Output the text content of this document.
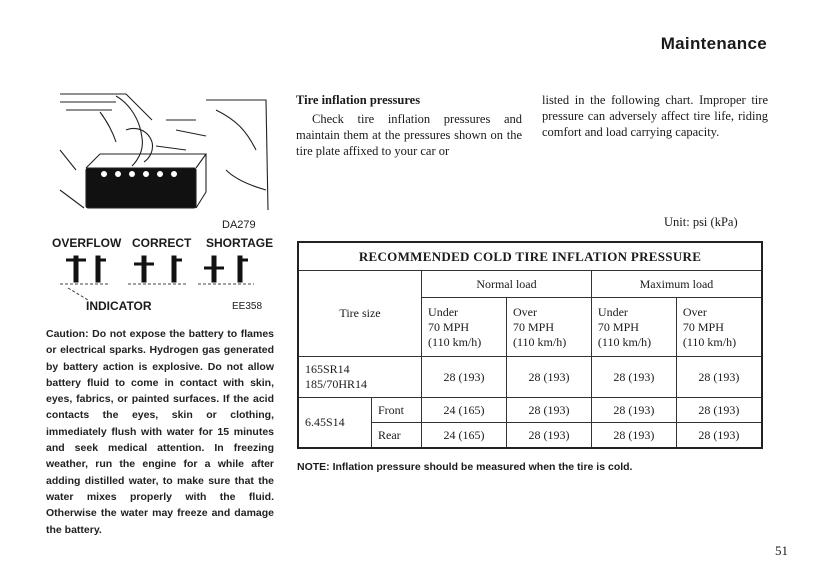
Maintenance
DA279
OVERFLOW CORRECT SHORTAGE
INDICATOR	EE358
Caution: Do not expose the battery to flames or electrical sparks. Hydrogen gas generated by battery action is explosive. Do not allow battery fluid to come in contact with skin, eyes, fabrics, or painted surfaces. If the acid contacts the eyes, skin or clothing, immediately flush with water for 15 minutes and seek medical attention. In freezing weather, run the engine for a while after adding distilled water, to make sure that the water mixes properly with the fluid. Otherwise the water may freeze and damage the battery.
Tire inflation pressures

Check tire inflation pressures and maintain them at the pressures shown on the tire plate affixed to your car or

listed in the following chart. Improper tire pressure can adversely affect tire life, riding comfort and load carrying capacity.

Unit: psi (kPa)
RECOMMENDED COLD TIRE INFLATION PRESSURE					
Tire size		Normal load		Maximum load	
		Under
70 MPH
(110 km/h)	Over
70 MPH
(110 km/h)	Under
70 MPH
(110 km/h)	Over
70 MPH
(110 km/h)
165SR14
185/70HR14		28 (193)	28 (193)	28 (193)	28 (193)
6.45S14	Front	24 (165)	28 (193)	28 (193)	28 (193)
	Rear	24 (165)	28 (193)	28 (193)	28 (193)
NOTE: Inflation pressure should be measured when the tire is cold.
51
